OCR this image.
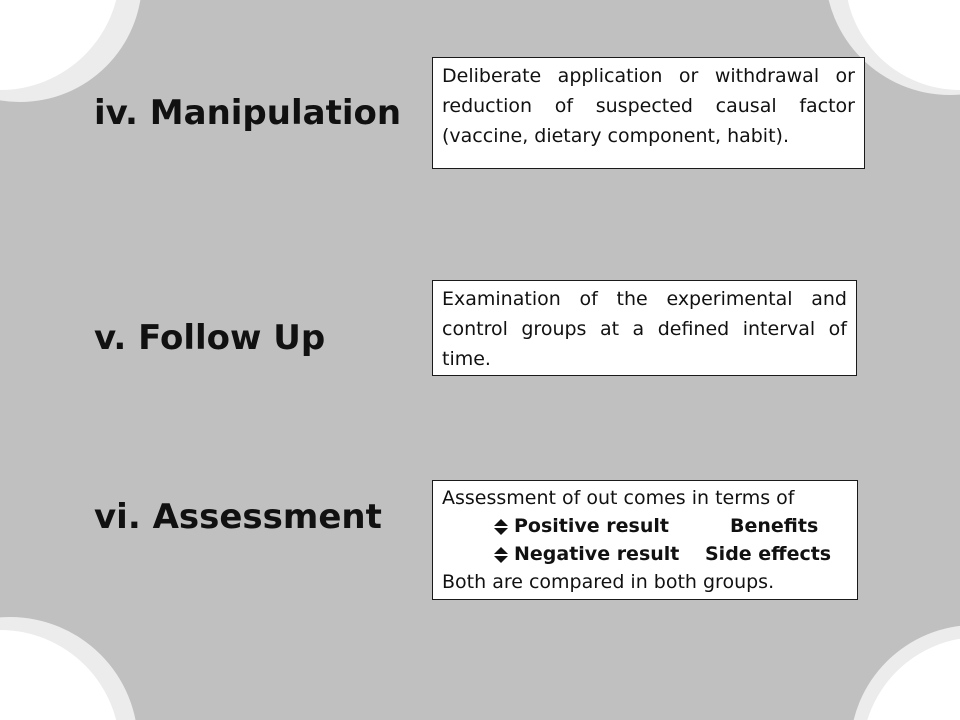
iv. Manipulation
Deliberate application or withdrawal or reduction of suspected causal factor (vaccine, dietary component, habit).
v. Follow Up
Examination of the experimental and control groups at a defined interval of time.
vi. Assessment	Assessment of out comes in terms of
Positive result	Benefits
Negative result Side effects
Both are compared in both groups.
